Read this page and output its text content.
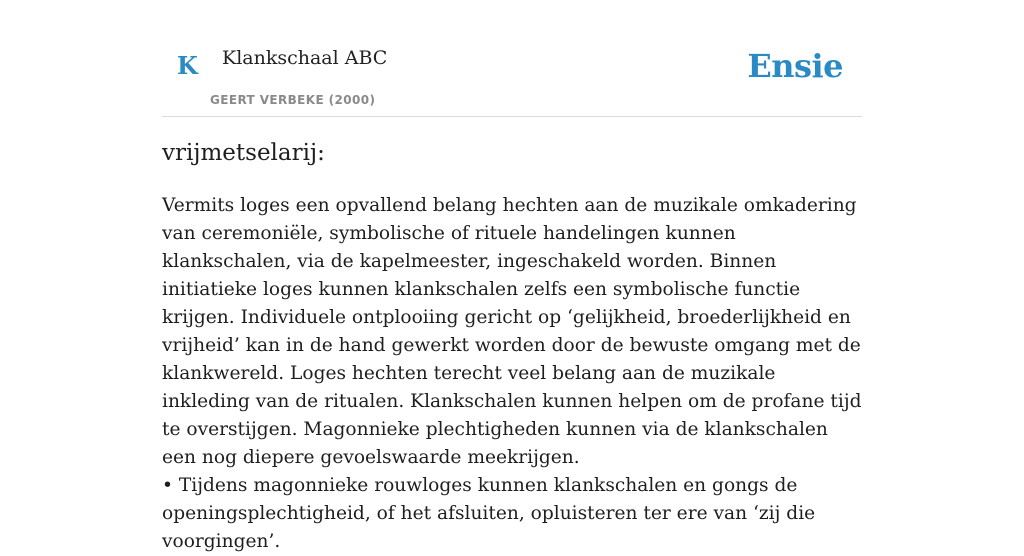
K Klankschaal ABC
GEERT VERBEKE (2000)
Ensie
vrijmetselarij:

Vermits loges een opvallend belang hechten aan de muzikale omkadering van ceremoniële, symbolische of rituele handelingen kunnen klankschalen, via de kapelmeester, ingeschakeld worden. Binnen initiatieke loges kunnen klankschalen zelfs een symbolische functie krijgen. Individuele ontplooiing gericht op ‘gelijkheid, broederlijkheid en vrijheid’ kan in de hand gewerkt worden door de bewuste omgang met de klankwereld. Loges hechten terecht veel belang aan de muzikale inkleding van de ritualen. Klankschalen kunnen helpen om de profane tijd te overstijgen. Magonnieke plechtigheden kunnen via de klankschalen een nog diepere gevoelswaarde meekrijgen.

• Tijdens magonnieke rouwloges kunnen klankschalen en gongs de openingsplechtigheid, of het afsluiten, opluisteren ter ere van ‘zij die voorgingen’.
